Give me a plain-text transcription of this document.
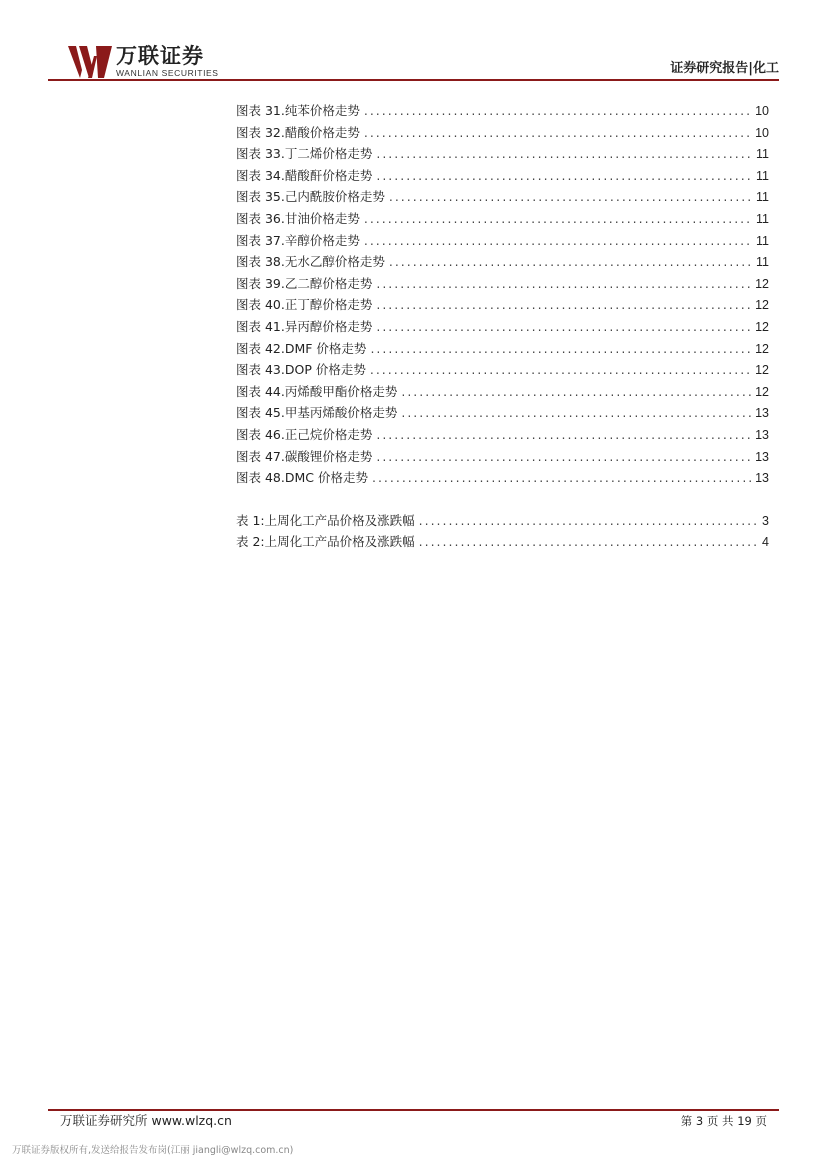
万联证券
WANLIAN SECURITIES	证券研究报告|化工
图表 31.纯苯价格走势 .....	10
图表 32.醋酸价格走势 .....	10
图表 33.丁二烯价格走势 .....	11
图表 34.醋酸酐价格走势 .....	11
图表 35.己内酰胺价格走势 .....	11
图表 36.甘油价格走势 .....	11
图表 37.辛醇价格走势 .....	11
图表 38.无水乙醇价格走势 .....	11
图表 39.乙二醇价格走势 .....	12
图表 40.正丁醇价格走势 .....	12
图表 41.异丙醇价格走势 .....	12
图表 42.DMF 价格走势 .....	12
图表 43.DOP 价格走势 .....	12
图表 44.丙烯酸甲酯价格走势 .....	12
图表 45.甲基丙烯酸价格走势 .....	13
图表 46.正己烷价格走势 .....	13
图表 47.碳酸锂价格走势 .....	13
图表 48.DMC 价格走势 .....	13
表 1:上周化工产品价格及涨跌幅 .....	3
表 2:上周化工产品价格及涨跌幅 .....	4
万联证券研究所 www.wlzq.cn	第 3 页 共 19 页
万联证券版权所有,发送给报告发布岗(江丽 jiangli@wlzq.com.cn)
